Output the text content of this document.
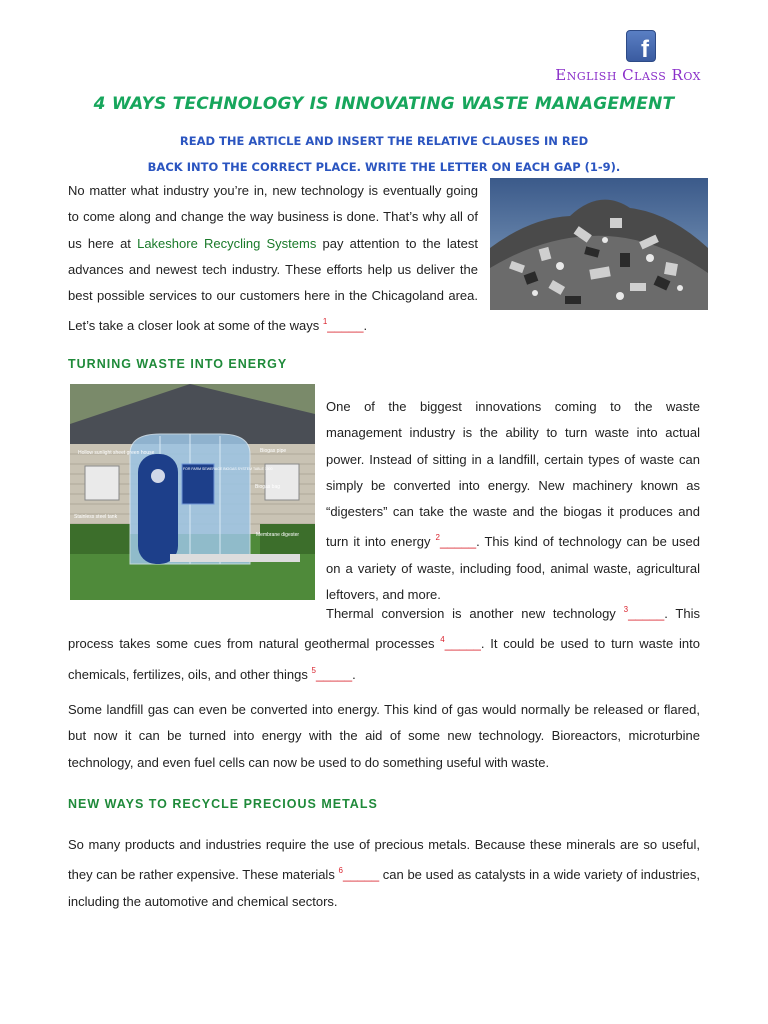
f
English Class Rox
4 WAYS TECHNOLOGY IS INNOVATING WASTE MANAGEMENT
READ THE ARTICLE AND INSERT THE RELATIVE CLAUSES IN RED
BACK INTO THE CORRECT PLACE. WRITE THE LETTER ON EACH GAP (1-9).

No matter what industry you’re in, new technology is eventually going to come along and change the way business is done. That’s why all of us here at Lakeshore Recycling Systems pay attention to the latest advances and newest tech industry. These efforts help us deliver the best possible services to our customers here in the Chicagoland area. Let’s take a closer look at some of the ways $^1$_____.

TURNING WASTE INTO ENERGY
Hollow sunlight sheet green house	Biogas pipe
Stainless steel tank
Membrane digester
Biogas bag
FOR FARM SEWERAGE BIOGAS SYSTEM TABLE 1000

One of the biggest innovations coming to the waste management industry is the ability to turn waste into actual power. Instead of sitting in a landfill, certain types of waste can simply be converted into energy. New machinery known as “digesters” can take the waste and the biogas it produces and turn it into energy $^2$_____. This kind of technology can be used on a variety of waste, including food, animal waste, agricultural leftovers, and more.

Thermal conversion is another new technology $^3$_____. This process takes some cues from natural geothermal processes $^4$_____. It could be used to turn waste into chemicals, fertilizes, oils, and other things $^5$_____.

Some landfill gas can even be converted into energy. This kind of gas would normally be released or flared, but now it can be turned into energy with the aid of some new technology. Bioreactors, microturbine technology, and even fuel cells can now be used to do something useful with waste.

NEW WAYS TO RECYCLE PRECIOUS METALS

So many products and industries require the use of precious metals. Because these minerals are so useful, they can be rather expensive. These materials $^6$_____ can be used as catalysts in a wide variety of industries, including the automotive and chemical sectors.
